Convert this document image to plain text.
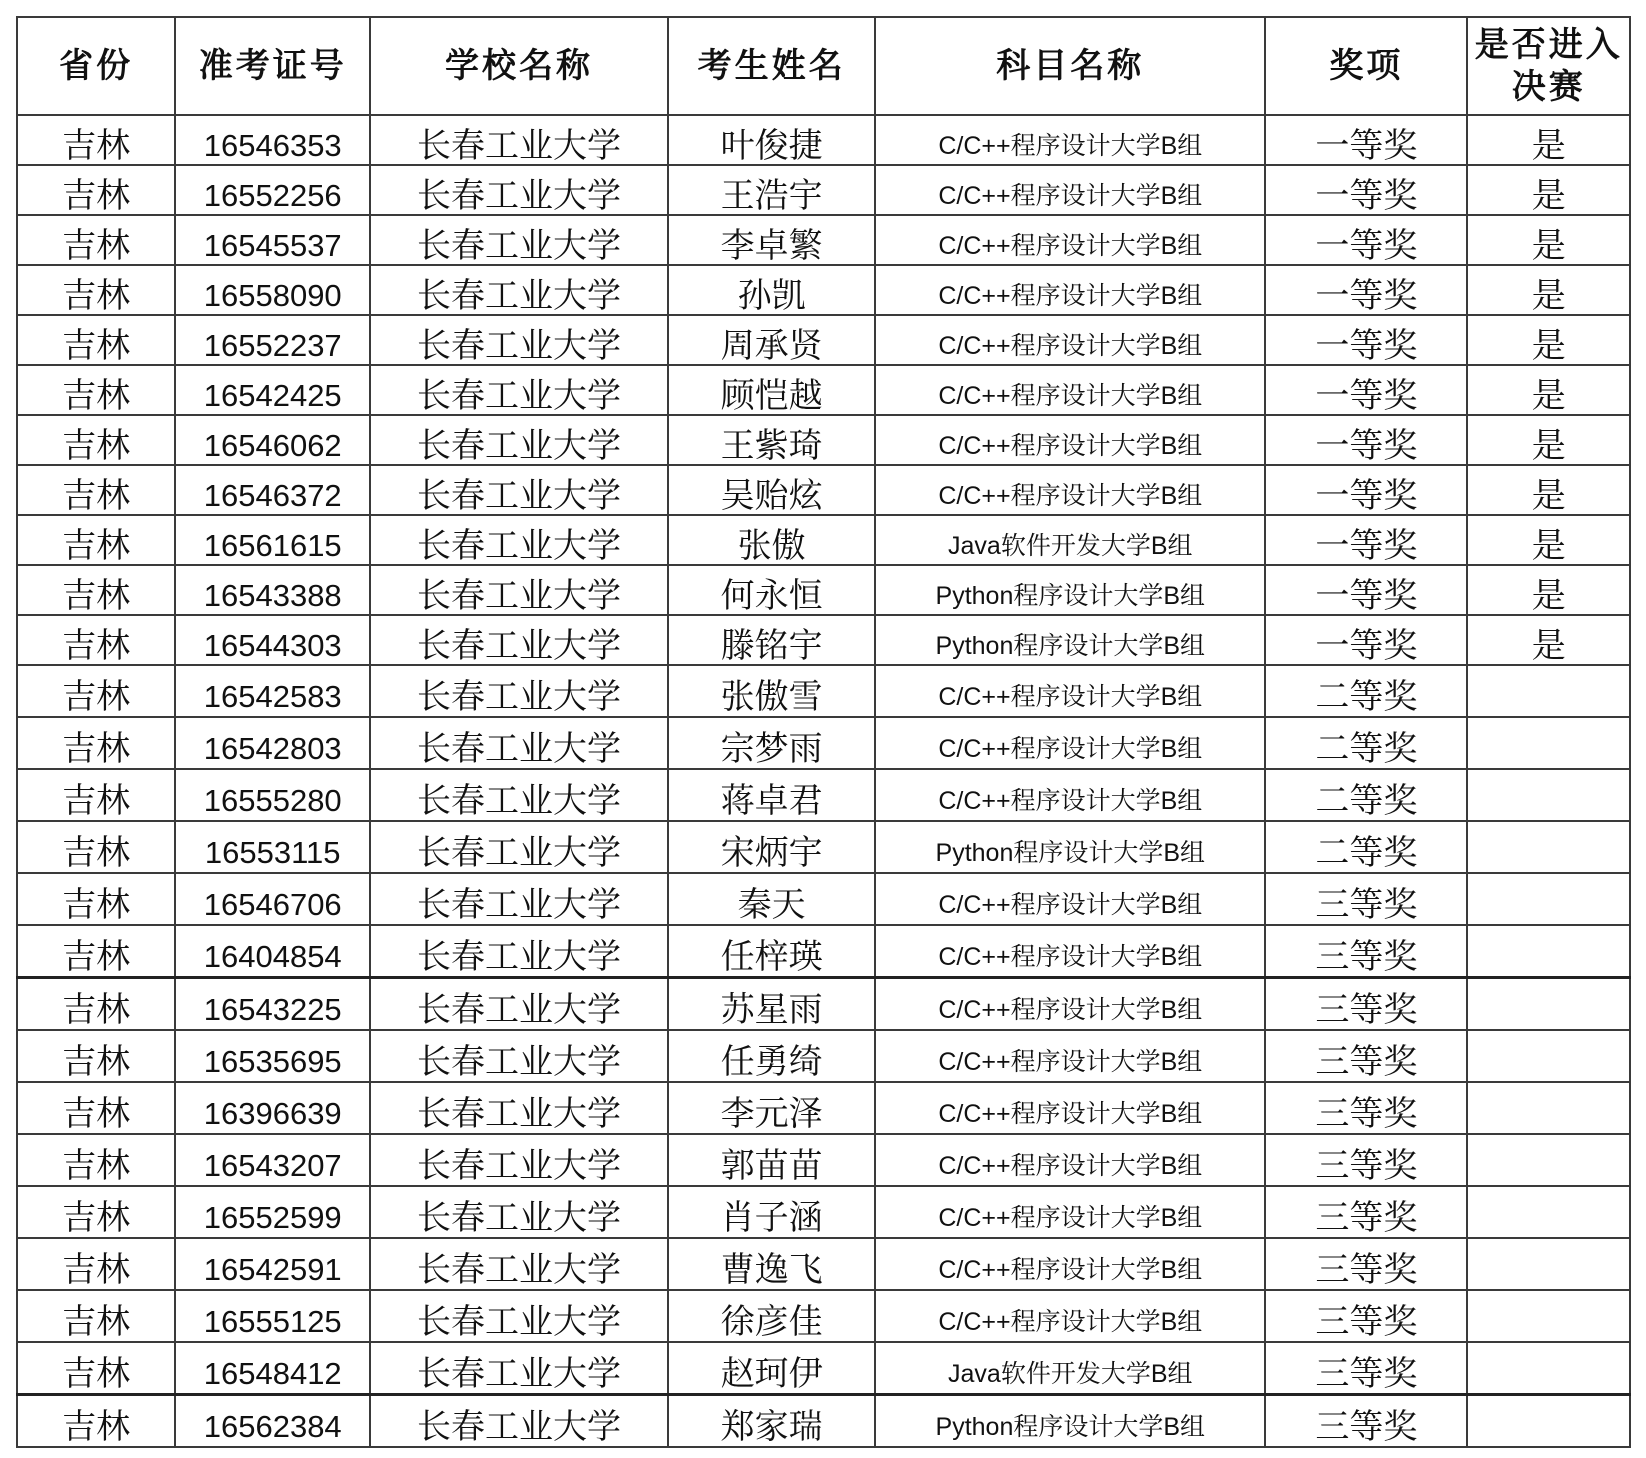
省份	准考证号	学校名称	考生姓名	科目名称	奖项	是否进入决赛
吉林	16546353	长春工业大学	叶俊捷	C/C++程序设计大学B组	一等奖	是
吉林	16552256	长春工业大学	王浩宇	C/C++程序设计大学B组	一等奖	是
吉林	16545537	长春工业大学	李卓繁	C/C++程序设计大学B组	一等奖	是
吉林	16558090	长春工业大学	孙凯	C/C++程序设计大学B组	一等奖	是
吉林	16552237	长春工业大学	周承贤	C/C++程序设计大学B组	一等奖	是
吉林	16542425	长春工业大学	顾恺越	C/C++程序设计大学B组	一等奖	是
吉林	16546062	长春工业大学	王紫琦	C/C++程序设计大学B组	一等奖	是
吉林	16546372	长春工业大学	吴贻炫	C/C++程序设计大学B组	一等奖	是
吉林	16561615	长春工业大学	张傲	Java软件开发大学B组	一等奖	是
吉林	16543388	长春工业大学	何永恒	Python程序设计大学B组	一等奖	是
吉林	16544303	长春工业大学	滕铭宇	Python程序设计大学B组	一等奖	是
吉林	16542583	长春工业大学	张傲雪	C/C++程序设计大学B组	二等奖	
吉林	16542803	长春工业大学	宗梦雨	C/C++程序设计大学B组	二等奖	
吉林	16555280	长春工业大学	蒋卓君	C/C++程序设计大学B组	二等奖	
吉林	16553115	长春工业大学	宋炳宇	Python程序设计大学B组	二等奖	
吉林	16546706	长春工业大学	秦天	C/C++程序设计大学B组	三等奖	
吉林	16404854	长春工业大学	任梓瑛	C/C++程序设计大学B组	三等奖	
吉林	16543225	长春工业大学	苏星雨	C/C++程序设计大学B组	三等奖	
吉林	16535695	长春工业大学	任勇绮	C/C++程序设计大学B组	三等奖	
吉林	16396639	长春工业大学	李元泽	C/C++程序设计大学B组	三等奖	
吉林	16543207	长春工业大学	郭苗苗	C/C++程序设计大学B组	三等奖	
吉林	16552599	长春工业大学	肖子涵	C/C++程序设计大学B组	三等奖	
吉林	16542591	长春工业大学	曹逸飞	C/C++程序设计大学B组	三等奖	
吉林	16555125	长春工业大学	徐彦佳	C/C++程序设计大学B组	三等奖	
吉林	16548412	长春工业大学	赵珂伊	Java软件开发大学B组	三等奖	
吉林	16562384	长春工业大学	郑家瑞	Python程序设计大学B组	三等奖	
